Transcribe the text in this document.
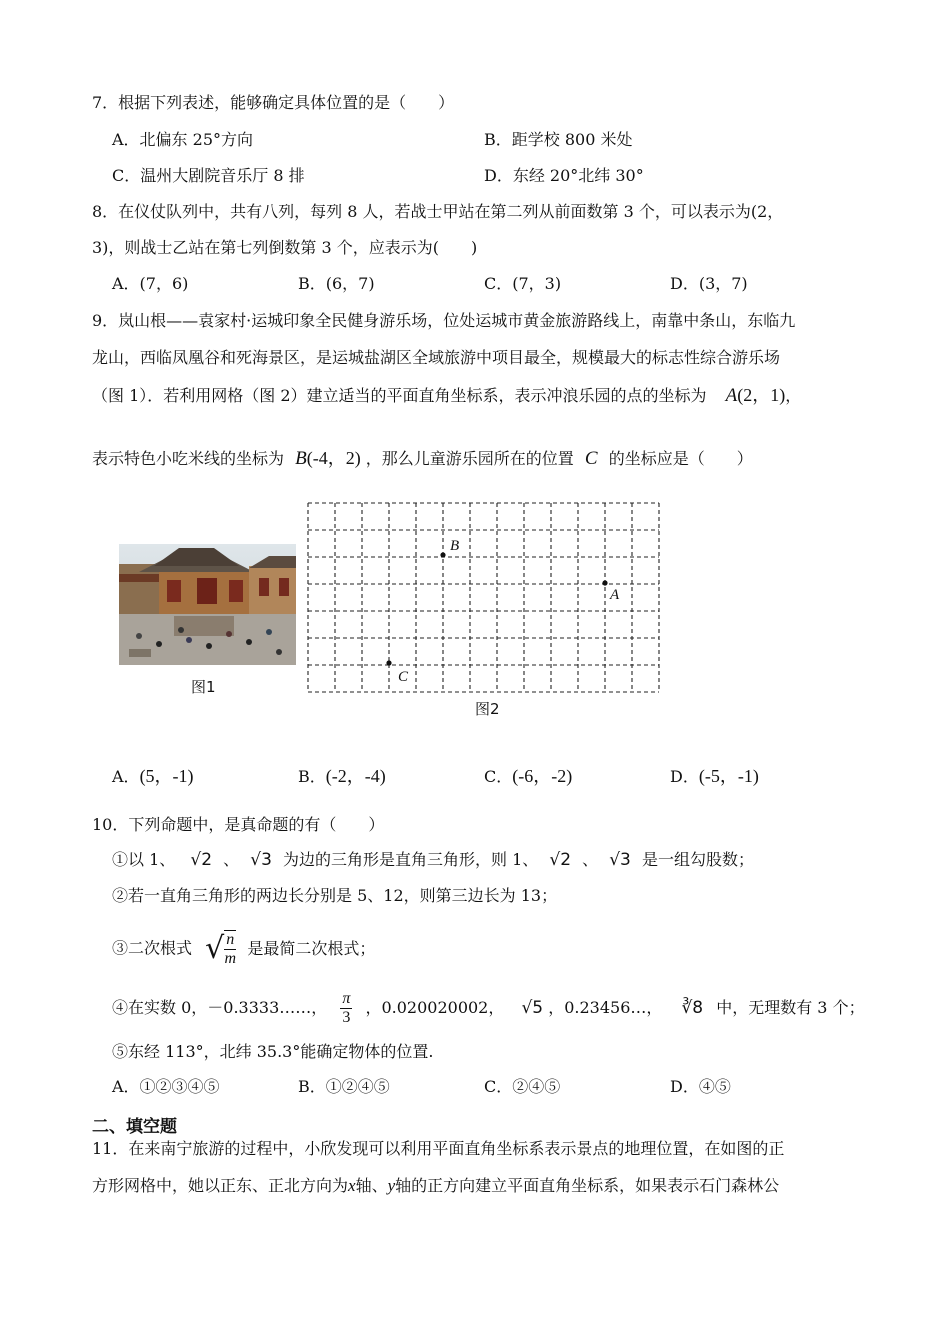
7．根据下列表述，能够确定具体位置的是（　　）
A．北偏东 25°方向	B．距学校 800 米处
C．温州大剧院音乐厅 8 排	D．东经 20°北纬 30°
8．在仪仗队列中，共有八列，每列 8 人，若战士甲站在第二列从前面数第 3 个，可以表示为(2，
3)，则战士乙站在第七列倒数第 3 个，应表示为(　　)
A．(7，6)	B．(6，7)	C．(7，3)	D．(3，7)
9．岚山根——袁家村·运城印象全民健身游乐场，位处运城市黄金旅游路线上，南靠中条山，东临九
龙山，西临凤凰谷和死海景区，是运城盐湖区全域旅游中项目最全，规模最大的标志性综合游乐场
（图 1）．若利用网格（图 2）建立适当的平面直角坐标系，表示冲浪乐园的点的坐标为 A(2，1)，
表示特色小吃米线的坐标为 B(-4，2) ，那么儿童游乐园所在的位置 C 的坐标应是（　　）
图1
B
A
C
图2
A．(5，-1)	B．(-2，-4)	C．(-6，-2)	D．(-5，-1)
10．下列命题中，是真命题的有（　　）
①以 1、 √2 、 √3 为边的三角形是直角三角形，则 1、 √2 、 √3 是一组勾股数；
②若一直角三角形的两边长分别是 5、12，则第三边长为 13；
③二次根式 √ $\frac{n}{m}$ 是最简二次根式；
④在实数 0，－0.3333……， $\frac{\pi}{3}$ ，0.020020002， √5 ，0.23456…， ∛8 中，无理数有 3 个；
⑤东经 113°，北纬 35.3°能确定物体的位置.
A．①②③④⑤	B．①②④⑤	C．②④⑤	D．④⑤
二、填空题
11．在来南宁旅游的过程中，小欣发现可以利用平面直角坐标系表示景点的地理位置，在如图的正
方形网格中，她以正东、正北方向为x轴、y轴的正方向建立平面直角坐标系，如果表示石门森林公
